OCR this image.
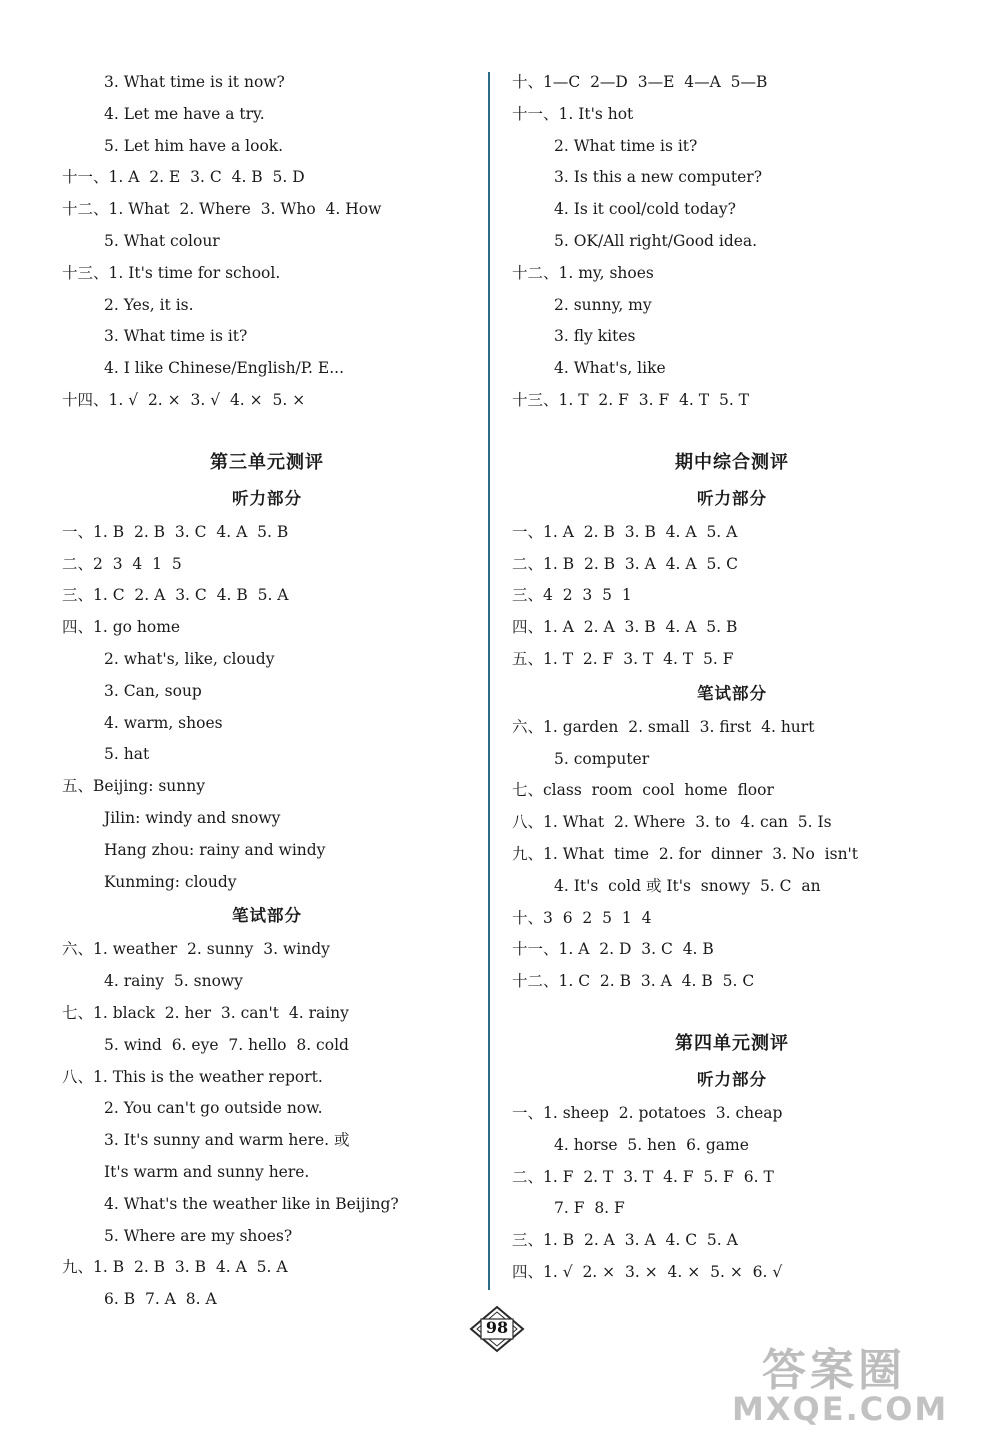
3. What time is it now?
4. Let me have a try.
5. Let him have a look.
十一、1. A  2. E  3. C  4. B  5. D
十二、1. What  2. Where  3. Who  4. How
5. What colour
十三、1. It's time for school.
2. Yes, it is.
3. What time is it?
4. I like Chinese/English/P. E...
十四、1. √  2. ×  3. √  4. ×  5. ×
第三单元测评
听力部分
一、1. B  2. B  3. C  4. A  5. B
二、2  3  4  1  5
三、1. C  2. A  3. C  4. B  5. A
四、1. go home
2. what's, like, cloudy
3. Can, soup
4. warm, shoes
5. hat
五、Beijing: sunny
Jilin: windy and snowy
Hang zhou: rainy and windy
Kunming: cloudy
笔试部分
六、1. weather  2. sunny  3. windy
4. rainy  5. snowy
七、1. black  2. her  3. can't  4. rainy
5. wind  6. eye  7. hello  8. cold
八、1. This is the weather report.
2. You can't go outside now.
3. It's sunny and warm here. 或
It's warm and sunny here.
4. What's the weather like in Beijing?
5. Where are my shoes?
九、1. B  2. B  3. B  4. A  5. A
6. B  7. A  8. A
十、1—C  2—D  3—E  4—A  5—B
十一、1. It's hot
2. What time is it?
3. Is this a new computer?
4. Is it cool/cold today?
5. OK/All right/Good idea.
十二、1. my, shoes
2. sunny, my
3. fly kites
4. What's, like
十三、1. T  2. F  3. F  4. T  5. T
期中综合测评
听力部分
一、1. A  2. B  3. B  4. A  5. A
二、1. B  2. B  3. A  4. A  5. C
三、4  2  3  5  1
四、1. A  2. A  3. B  4. A  5. B
五、1. T  2. F  3. T  4. T  5. F
笔试部分
六、1. garden  2. small  3. first  4. hurt
5. computer
七、class  room  cool  home  floor
八、1. What  2. Where  3. to  4. can  5. Is
九、1. What  time  2. for  dinner  3. No  isn't
4. It's  cold 或 It's  snowy  5. C  an
十、3  6  2  5  1  4
十一、1. A  2. D  3. C  4. B
十二、1. C  2. B  3. A  4. B  5. C
第四单元测评
听力部分
一、1. sheep  2. potatoes  3. cheap
4. horse  5. hen  6. game
二、1. F  2. T  3. T  4. F  5. F  6. T
7. F  8. F
三、1. B  2. A  3. A  4. C  5. A
四、1. √  2. ×  3. ×  4. ×  5. ×  6. √
98
答案圈
MXQE.COM
